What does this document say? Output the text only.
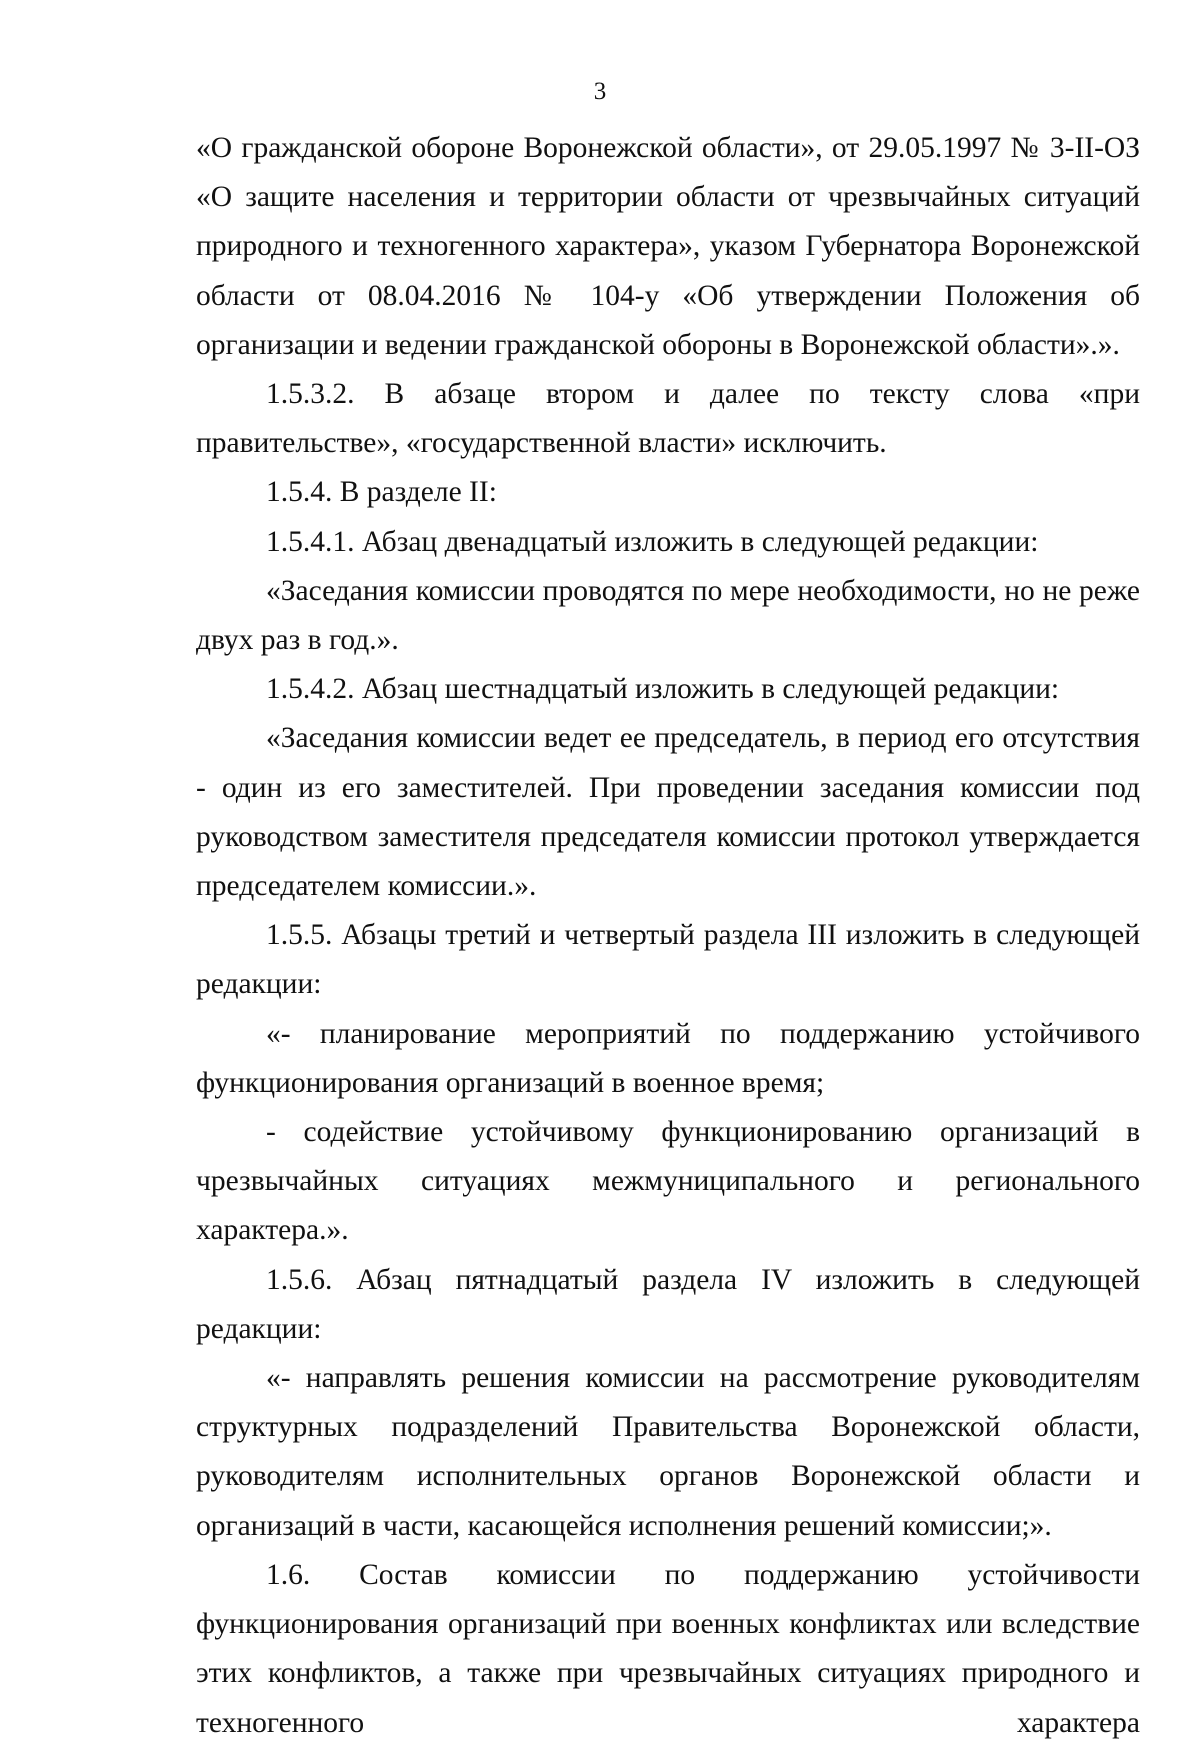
3

«О гражданской обороне Воронежской области», от 29.05.1997 № 3-II-ОЗ «О защите населения и территории области от чрезвычайных ситуаций природного и техногенного характера», указом Губернатора Воронежской области от 08.04.2016 № 104-у «Об утверждении Положения об организации и ведении гражданской обороны в Воронежской области».».

1.5.3.2. В абзаце втором и далее по тексту слова «при правительстве», «государственной власти» исключить.

1.5.4. В разделе II:

1.5.4.1. Абзац двенадцатый изложить в следующей редакции:

«Заседания комиссии проводятся по мере необходимости, но не реже двух раз в год.».

1.5.4.2. Абзац шестнадцатый изложить в следующей редакции:

«Заседания комиссии ведет ее председатель, в период его отсутствия - один из его заместителей. При проведении заседания комиссии под руководством заместителя председателя комиссии протокол утверждается председателем комиссии.».

1.5.5. Абзацы третий и четвертый раздела III изложить в следующей редакции:

«- планирование мероприятий по поддержанию устойчивого функционирования организаций в военное время;

- содействие устойчивому функционированию организаций в чрезвычайных ситуациях межмуниципального и регионального характера.».

1.5.6. Абзац пятнадцатый раздела IV изложить в следующей редакции:

«- направлять решения комиссии на рассмотрение руководителям структурных подразделений Правительства Воронежской области, руководителям исполнительных органов Воронежской области и организаций в части, касающейся исполнения решений комиссии;».

1.6. Состав комиссии по поддержанию устойчивости функционирования организаций при военных конфликтах или вследствие этих конфликтов, а также при чрезвычайных ситуациях природного и техногенного характера
